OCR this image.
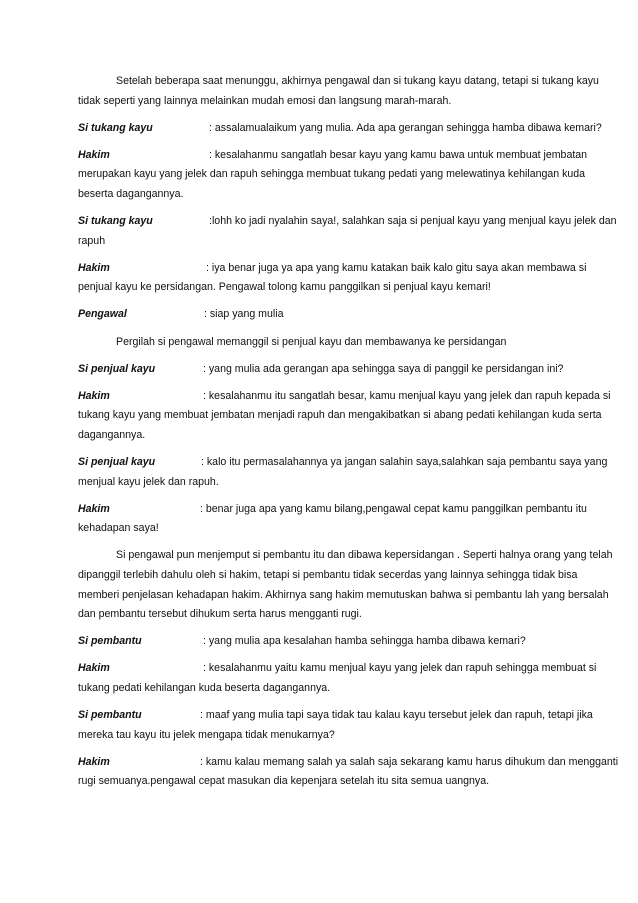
Setelah beberapa saat menunggu, akhirnya pengawal dan si tukang kayu datang, tetapi si tukang kayu tidak seperti yang lainnya melainkan mudah emosi dan langsung marah-marah.

Si tukang kayu	: assalamualaikum yang mulia. Ada apa gerangan sehingga hamba dibawa kemari?

Hakim	: kesalahanmu sangatlah besar kayu yang kamu bawa untuk membuat jembatan merupakan kayu yang jelek dan rapuh sehingga membuat tukang pedati yang melewatinya kehilangan kuda beserta dagangannya.

Si tukang kayu	:lohh ko jadi nyalahin saya!, salahkan saja si penjual kayu yang menjual kayu jelek dan rapuh

Hakim	: iya benar juga ya apa yang kamu katakan baik kalo gitu saya akan membawa si penjual kayu ke persidangan. Pengawal tolong kamu panggilkan si penjual kayu kemari!

Pengawal	: siap yang mulia

Pergilah si pengawal memanggil si penjual kayu dan membawanya ke persidangan

Si penjual kayu	: yang mulia ada gerangan apa sehingga saya di panggil ke persidangan ini?

Hakim	: kesalahanmu itu sangatlah besar, kamu menjual kayu yang jelek dan rapuh kepada si tukang kayu yang membuat jembatan menjadi rapuh dan mengakibatkan si abang pedati kehilangan kuda serta dagangannya.

Si penjual kayu	: kalo itu permasalahannya ya jangan salahin saya,salahkan saja pembantu saya yang menjual kayu jelek dan rapuh.

Hakim	: benar juga apa yang kamu bilang,pengawal cepat kamu panggilkan pembantu itu kehadapan saya!

Si pengawal pun menjemput si pembantu itu dan dibawa kepersidangan . Seperti halnya orang yang telah dipanggil terlebih dahulu oleh si hakim, tetapi si pembantu tidak secerdas yang lainnya sehingga tidak bisa memberi penjelasan kehadapan hakim. Akhirnya sang hakim memutuskan bahwa si pembantu lah yang bersalah dan pembantu tersebut dihukum serta harus mengganti rugi.

Si pembantu	: yang mulia apa kesalahan hamba sehingga hamba dibawa kemari?

Hakim	: kesalahanmu yaitu kamu menjual kayu yang jelek dan rapuh sehingga membuat si tukang pedati kehilangan kuda beserta dagangannya.

Si pembantu	: maaf yang mulia tapi saya tidak tau kalau kayu tersebut jelek dan rapuh, tetapi jika mereka tau kayu itu jelek mengapa tidak menukarnya?

Hakim	: kamu kalau memang salah ya salah saja sekarang kamu harus dihukum dan mengganti rugi semuanya.pengawal cepat masukan dia kepenjara setelah itu sita semua uangnya.
